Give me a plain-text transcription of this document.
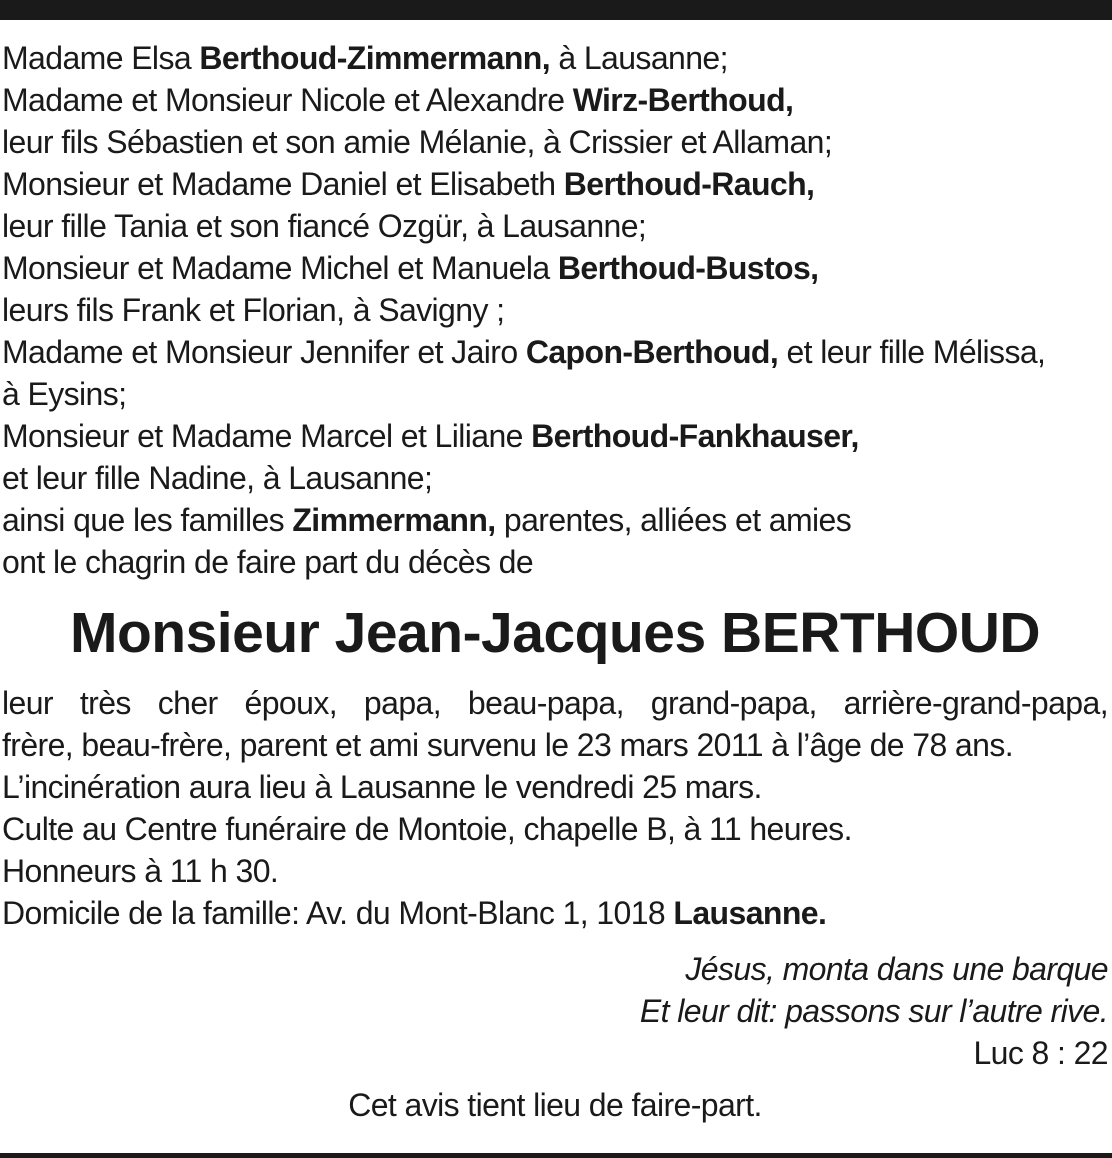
Madame Elsa Berthoud-Zimmermann, à Lausanne;
Madame et Monsieur Nicole et Alexandre Wirz-Berthoud,
leur fils Sébastien et son amie Mélanie, à Crissier et Allaman;
Monsieur et Madame Daniel et Elisabeth Berthoud-Rauch,
leur fille Tania et son fiancé Ozgür, à Lausanne;
Monsieur et Madame Michel et Manuela Berthoud-Bustos,
leurs fils Frank et Florian, à Savigny ;
Madame et Monsieur Jennifer et Jairo Capon-Berthoud, et leur fille Mélissa,
à Eysins;
Monsieur et Madame Marcel et Liliane Berthoud-Fankhauser,
et leur fille Nadine, à Lausanne;
ainsi que les familles Zimmermann, parentes, alliées et amies
ont le chagrin de faire part du décès de
Monsieur Jean-Jacques BERTHOUD
leur très cher époux, papa, beau-papa, grand-papa, arrière-grand-papa,
frère, beau-frère, parent et ami survenu le 23 mars 2011 à l’âge de 78 ans.
L’incinération aura lieu à Lausanne le vendredi 25 mars.
Culte au Centre funéraire de Montoie, chapelle B, à 11 heures.
Honneurs à 11 h 30.
Domicile de la famille: Av. du Mont-Blanc 1, 1018 Lausanne.
Jésus, monta dans une barque
Et leur dit: passons sur l’autre rive.
Luc 8 : 22
Cet avis tient lieu de faire-part.
